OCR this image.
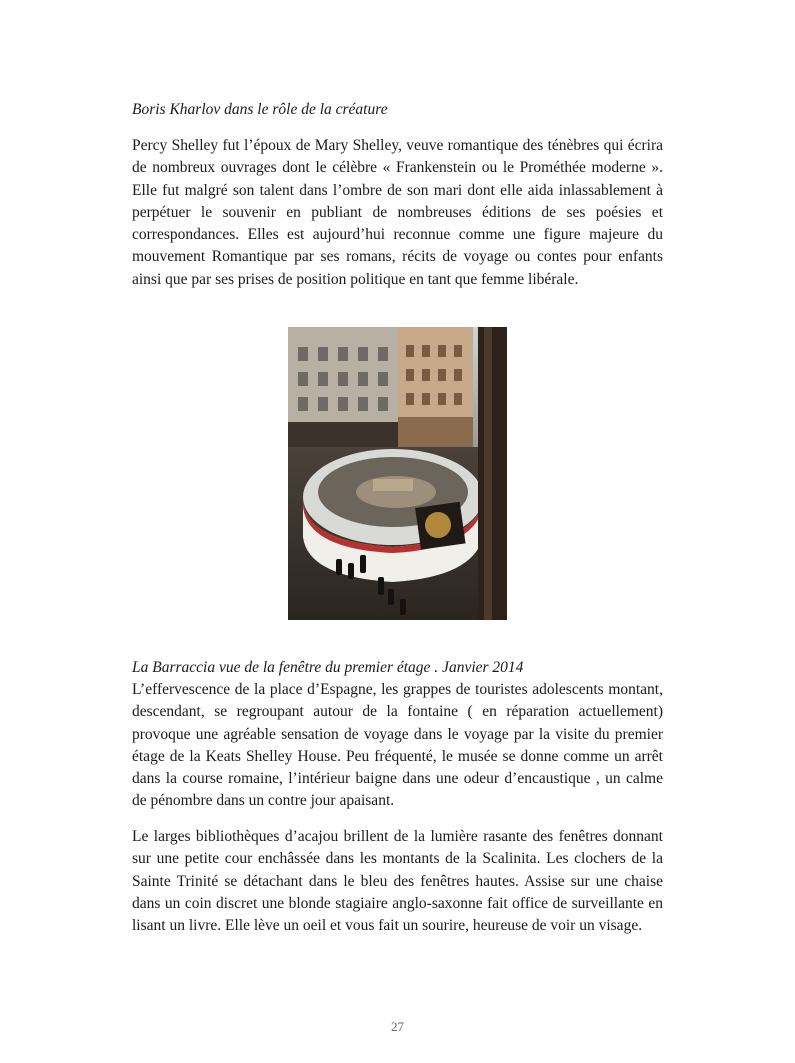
Boris Kharlov dans le rôle de la créature

Percy Shelley fut l’époux de Mary Shelley, veuve romantique des ténèbres qui écrira de nombreux ouvrages dont le célèbre « Frankenstein ou le Prométhée moderne ». Elle fut malgré son talent dans l’ombre de son mari dont elle aida inlassablement à perpétuer le souvenir en publiant de nombreuses éditions de ses poésies et correspondances. Elles est aujourd’hui reconnue comme une figure majeure du mouvement Romantique par ses romans, récits de voyage ou contes pour enfants ainsi que par ses prises de position politique en tant que femme libérale.

La Barraccia vue de la fenêtre du premier étage . Janvier 2014

L’effervescence de la place d’Espagne, les grappes de touristes adolescents montant, descendant, se regroupant autour de la fontaine ( en réparation actuellement) provoque une agréable sensation de voyage dans le voyage par la visite du premier étage de la Keats Shelley House. Peu fréquenté, le musée se donne comme un arrêt dans la course romaine, l’intérieur baigne dans une odeur d’encaustique , un calme de pénombre dans un contre jour apaisant.

Le larges bibliothèques d’acajou brillent de la lumière rasante des fenêtres donnant sur une petite cour enchâssée dans les montants de la Scalinita. Les clochers de la Sainte Trinité se détachant dans le bleu des fenêtres hautes. Assise sur une chaise dans un coin discret une blonde stagiaire anglo-saxonne fait office de surveillante en lisant un livre. Elle lève un oeil et vous fait un sourire, heureuse de voir un visage.

27
